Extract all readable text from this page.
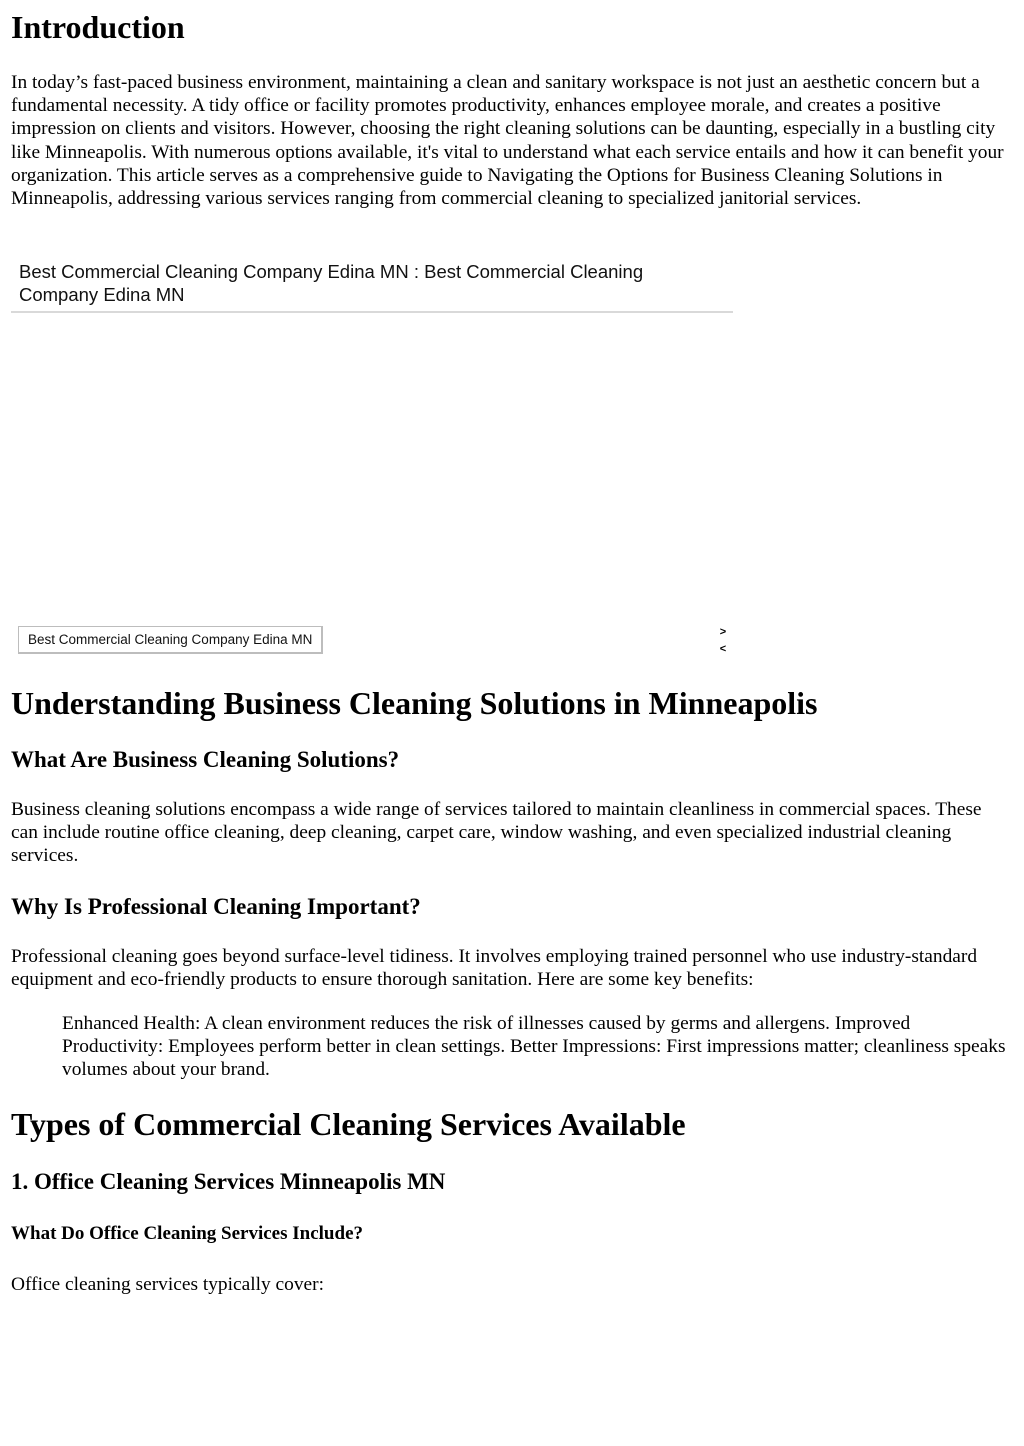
Introduction

In today’s fast-paced business environment, maintaining a clean and sanitary workspace is not just an aesthetic concern but a fundamental necessity. A tidy office or facility promotes productivity, enhances employee morale, and creates a positive impression on clients and visitors. However, choosing the right cleaning solutions can be daunting, especially in a bustling city like Minneapolis. With numerous options available, it's vital to understand what each service entails and how it can benefit your organization. This article serves as a comprehensive guide to Navigating the Options for Business Cleaning Solutions in Minneapolis, addressing various services ranging from commercial cleaning to specialized janitorial services.

Best Commercial Cleaning Company Edina MN : Best Commercial Cleaning Company Edina MN
Best Commercial Cleaning Company Edina MN	>
<
Understanding Business Cleaning Solutions in Minneapolis
What Are Business Cleaning Solutions?

Business cleaning solutions encompass a wide range of services tailored to maintain cleanliness in commercial spaces. These can include routine office cleaning, deep cleaning, carpet care, window washing, and even specialized industrial cleaning services.

Why Is Professional Cleaning Important?

Professional cleaning goes beyond surface-level tidiness. It involves employing trained personnel who use industry-standard equipment and eco-friendly products to ensure thorough sanitation. Here are some key benefits:

Enhanced Health: A clean environment reduces the risk of illnesses caused by germs and allergens. Improved Productivity: Employees perform better in clean settings. Better Impressions: First impressions matter; cleanliness speaks volumes about your brand.
Types of Commercial Cleaning Services Available
1. Office Cleaning Services Minneapolis MN
What Do Office Cleaning Services Include?

Office cleaning services typically cover:
